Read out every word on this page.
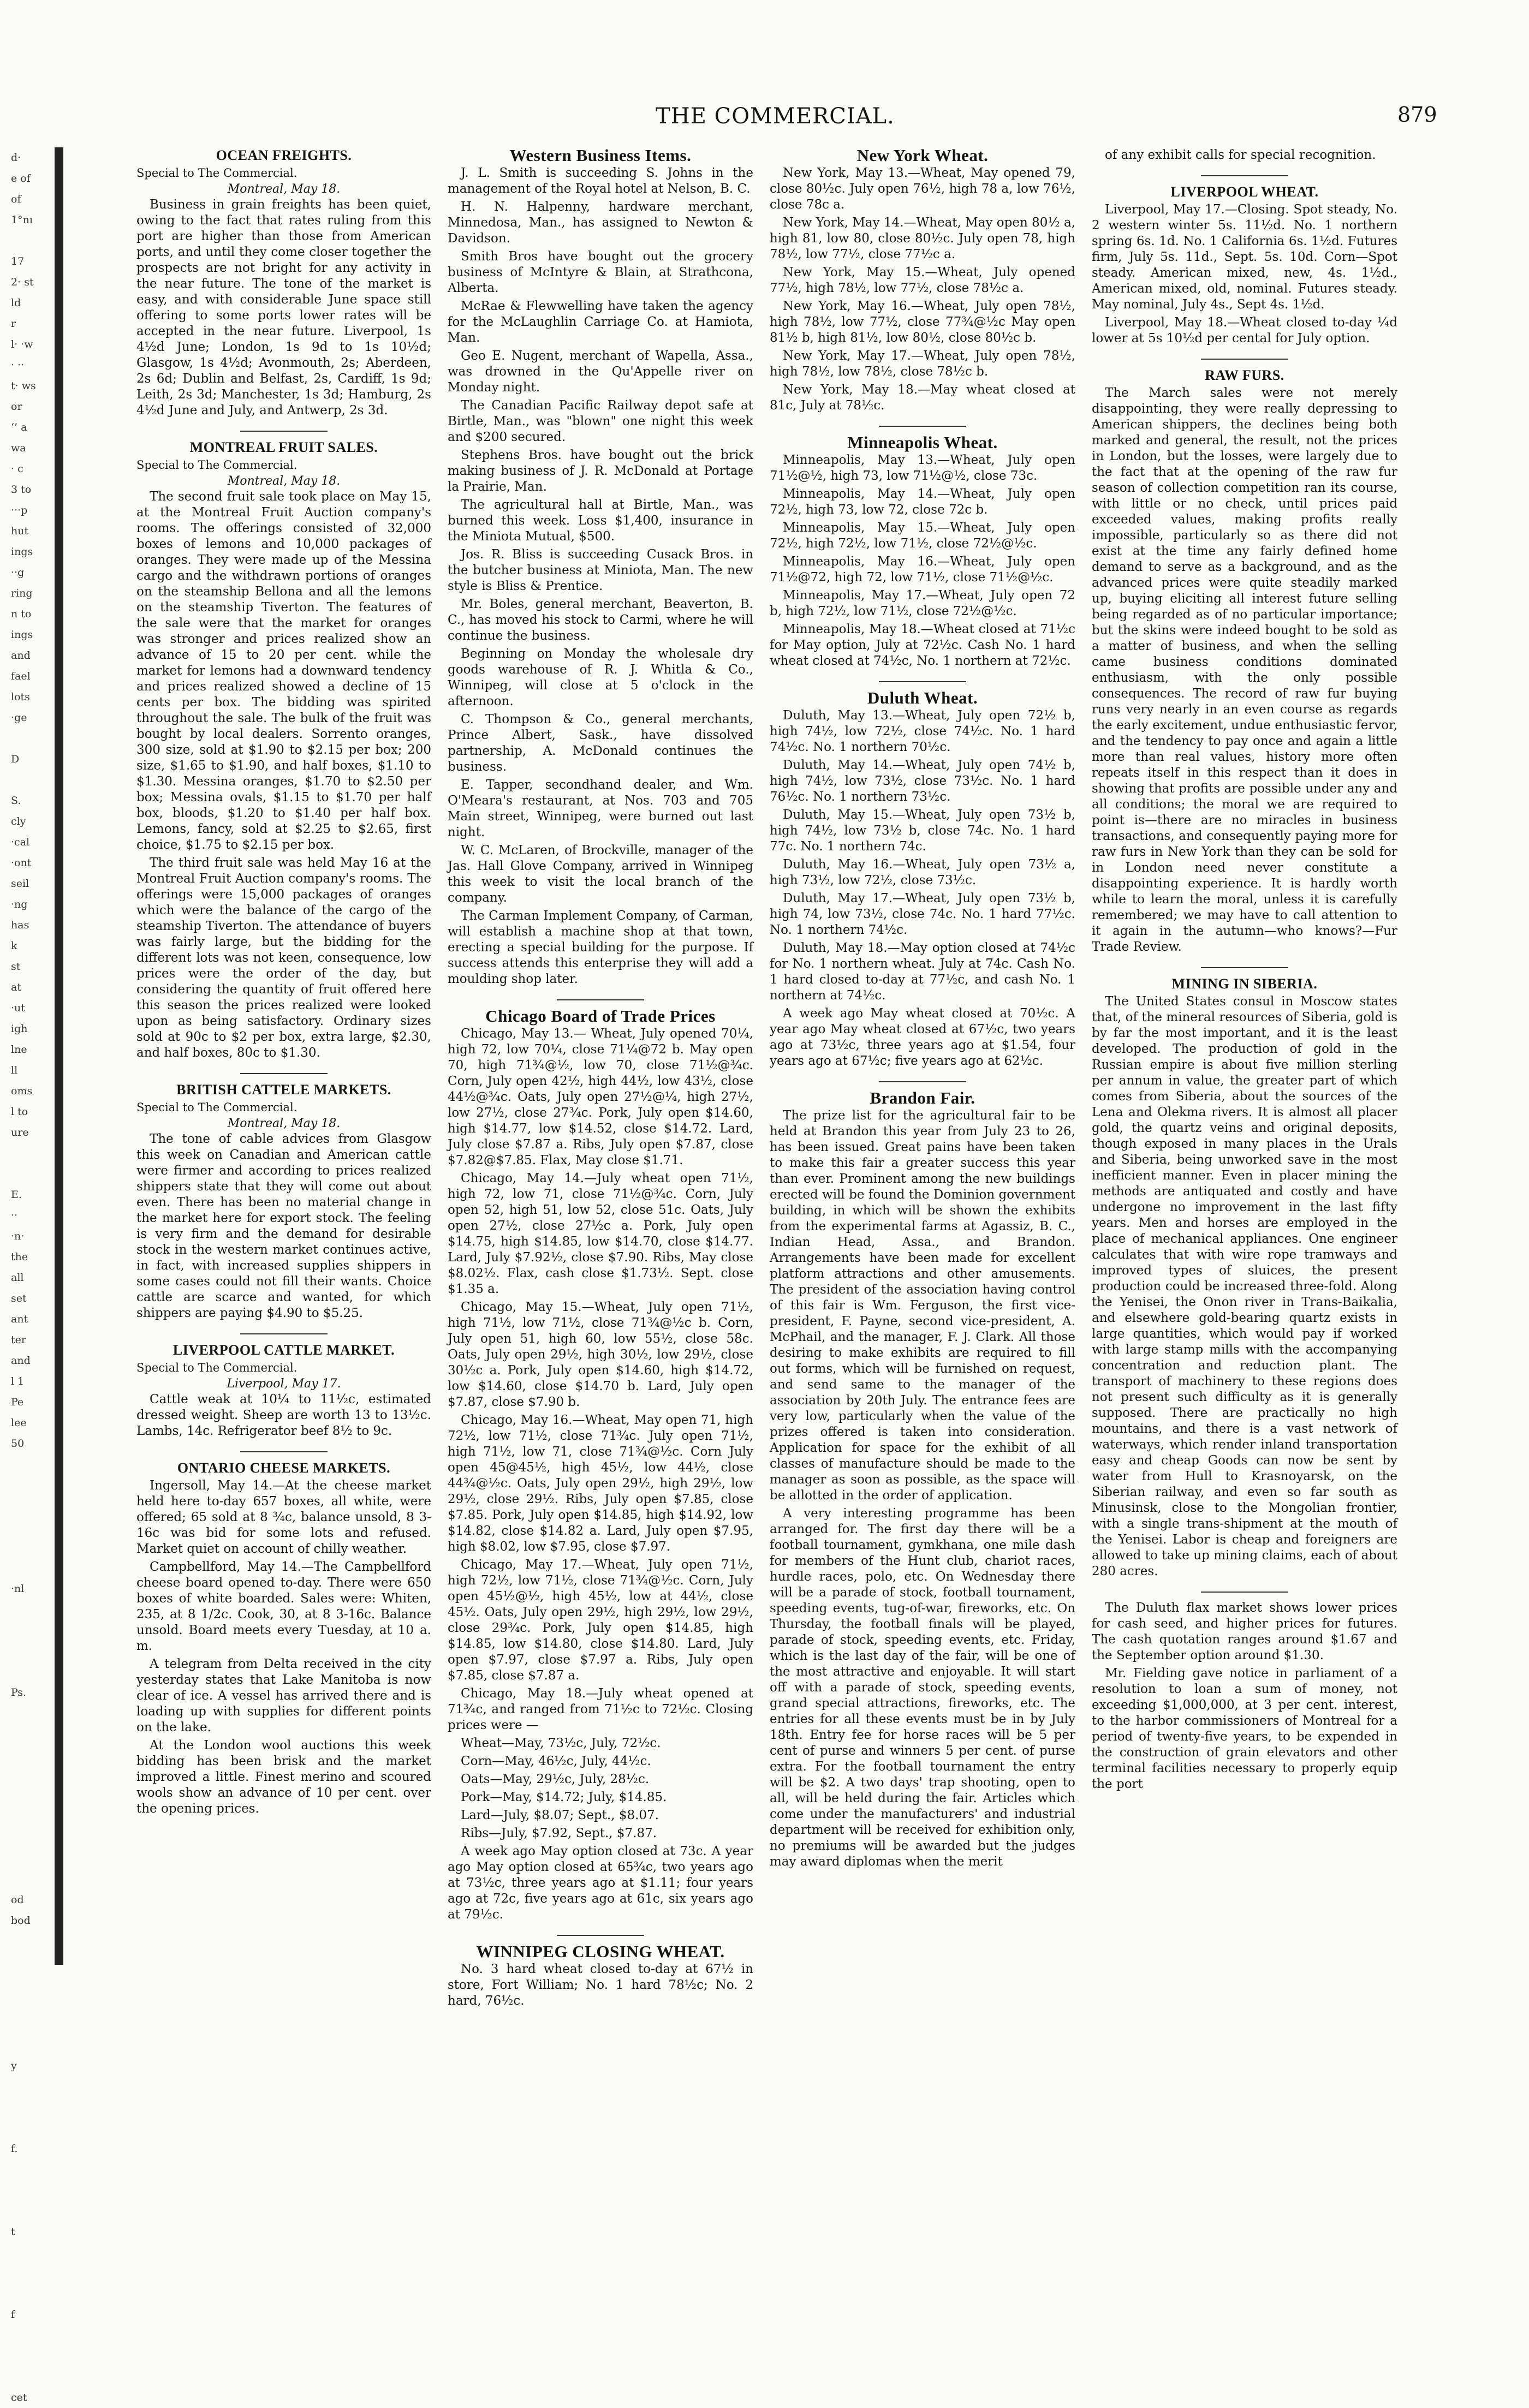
THE COMMERCIAL.	879
d·
e of
of
1°nı

17
2· st
ld
r
l· ·w
· ··
t· ws
or
‘’ a
wa
· c
3 to
···p
hut
ings
··g
ring
n to
ings
and
fael
lots
·ge

D

S.
cly
·cal
·ont
seil
·ng
has
k
st
at
·ut
igh
lne
ll
oms
l to
ure

E.
··
·n·
the
all
set
ant
ter
and
l 1
Pe
lee
50

·nl

Ps.

od
bod

y

f.

t

f

cet
OCEAN FREIGHTS.
Special to The Commercial.
Montreal, May 18.

Business in grain freights has been quiet, owing to the fact that rates ruling from this port are higher than those from American ports, and until they come closer together the prospects are not bright for any activity in the near future. The tone of the market is easy, and with considerable June space still offering to some ports lower rates will be accepted in the near future. Liverpool, 1s 4½d June; London, 1s 9d to 1s 10½d; Glasgow, 1s 4½d; Avonmouth, 2s; Aberdeen, 2s 6d; Dublin and Belfast, 2s, Cardiff, 1s 9d; Leith, 2s 3d; Manchester, 1s 3d; Hamburg, 2s 4½d June and July, and Antwerp, 2s 3d.

MONTREAL FRUIT SALES.
Special to The Commercial.
Montreal, May 18.

The second fruit sale took place on May 15, at the Montreal Fruit Auction company's rooms. The offerings consisted of 32,000 boxes of lemons and 10,000 packages of oranges. They were made up of the Messina cargo and the withdrawn portions of oranges on the steamship Bellona and all the lemons on the steamship Tiverton. The features of the sale were that the market for oranges was stronger and prices realized show an advance of 15 to 20 per cent. while the market for lemons had a downward tendency and prices realized showed a decline of 15 cents per box. The bidding was spirited throughout the sale. The bulk of the fruit was bought by local dealers. Sorrento oranges, 300 size, sold at $1.90 to $2.15 per box; 200 size, $1.65 to $1.90, and half boxes, $1.10 to $1.30. Messina oranges, $1.70 to $2.50 per box; Messina ovals, $1.15 to $1.70 per half box, bloods, $1.20 to $1.40 per half box. Lemons, fancy, sold at $2.25 to $2.65, first choice, $1.75 to $2.15 per box.

The third fruit sale was held May 16 at the Montreal Fruit Auction company's rooms. The offerings were 15,000 packages of oranges which were the balance of the cargo of the steamship Tiverton. The attendance of buyers was fairly large, but the bidding for the different lots was not keen, consequence, low prices were the order of the day, but considering the quantity of fruit offered here this season the prices realized were looked upon as being satisfactory. Ordinary sizes sold at 90c to $2 per box, extra large, $2.30, and half boxes, 80c to $1.30.

BRITISH CATTELE MARKETS.
Special to The Commercial.
Montreal, May 18.

The tone of cable advices from Glasgow this week on Canadian and American cattle were firmer and according to prices realized shippers state that they will come out about even. There has been no material change in the market here for export stock. The feeling is very firm and the demand for desirable stock in the western market continues active, in fact, with increased supplies shippers in some cases could not fill their wants. Choice cattle are scarce and wanted, for which shippers are paying $4.90 to $5.25.

LIVERPOOL CATTLE MARKET.
Special to The Commercial.
Liverpool, May 17.

Cattle weak at 10¼ to 11½c, estimated dressed weight. Sheep are worth 13 to 13½c. Lambs, 14c. Refrigerator beef 8½ to 9c.

ONTARIO CHEESE MARKETS.

Ingersoll, May 14.—At the cheese market held here to-day 657 boxes, all white, were offered; 65 sold at 8 ¾c, balance unsold, 8 3-16c was bid for some lots and refused. Market quiet on account of chilly weather.

Campbellford, May 14.—The Campbellford cheese board opened to-day. There were 650 boxes of white boarded. Sales were: Whiten, 235, at 8 1/2c. Cook, 30, at 8 3-16c. Balance unsold. Board meets every Tuesday, at 10 a. m.

A telegram from Delta received in the city yesterday states that Lake Manitoba is now clear of ice. A vessel has arrived there and is loading up with supplies for different points on the lake.

At the London wool auctions this week bidding has been brisk and the market improved a little. Finest merino and scoured wools show an advance of 10 per cent. over the opening prices.

Western Business Items.

J. L. Smith is succeeding S. Johns in the management of the Royal hotel at Nelson, B. C.

H. N. Halpenny, hardware merchant, Minnedosa, Man., has assigned to Newton & Davidson.

Smith Bros have bought out the grocery business of McIntyre & Blain, at Strathcona, Alberta.

McRae & Flewwelling have taken the agency for the McLaughlin Carriage Co. at Hamiota, Man.

Geo E. Nugent, merchant of Wapella, Assa., was drowned in the Qu'Appelle river on Monday night.

The Canadian Pacific Railway depot safe at Birtle, Man., was "blown" one night this week and $200 secured.

Stephens Bros. have bought out the brick making business of J. R. McDonald at Portage la Prairie, Man.

The agricultural hall at Birtle, Man., was burned this week. Loss $1,400, insurance in the Miniota Mutual, $500.

Jos. R. Bliss is succeeding Cusack Bros. in the butcher business at Miniota, Man. The new style is Bliss & Prentice.

Mr. Boles, general merchant, Beaverton, B. C., has moved his stock to Carmi, where he will continue the business.

Beginning on Monday the wholesale dry goods warehouse of R. J. Whitla & Co., Winnipeg, will close at 5 o'clock in the afternoon.

C. Thompson & Co., general merchants, Prince Albert, Sask., have dissolved partnership, A. McDonald continues the business.

E. Tapper, secondhand dealer, and Wm. O'Meara's restaurant, at Nos. 703 and 705 Main street, Winnipeg, were burned out last night.

W. C. McLaren, of Brockville, manager of the Jas. Hall Glove Company, arrived in Winnipeg this week to visit the local branch of the company.

The Carman Implement Company, of Carman, will establish a machine shop at that town, erecting a special building for the purpose. If success attends this enterprise they will add a moulding shop later.

Chicago Board of Trade Prices

Chicago, May 13.— Wheat, July opened 70¼, high 72, low 70¼, close 71¼@72 b. May open 70, high 71¾@½, low 70, close 71½@¾c. Corn, July open 42½, high 44½, low 43½, close 44½@¾c. Oats, July open 27½@¼, high 27½, low 27½, close 27¾c. Pork, July open $14.60, high $14.77, low $14.52, close $14.72. Lard, July close $7.87 a. Ribs, July open $7.87, close $7.82@$7.85. Flax, May close $1.71.

Chicago, May 14.—July wheat open 71½, high 72, low 71, close 71½@¾c. Corn, July open 52, high 51, low 52, close 51c. Oats, July open 27½, close 27½c a. Pork, July open $14.75, high $14.85, low $14.70, close $14.77. Lard, July $7.92½, close $7.90. Ribs, May close $8.02½. Flax, cash close $1.73½. Sept. close $1.35 a.

Chicago, May 15.—Wheat, July open 71½, high 71½, low 71½, close 71¾@½c b. Corn, July open 51, high 60, low 55½, close 58c. Oats, July open 29½, high 30½, low 29½, close 30½c a. Pork, July open $14.60, high $14.72, low $14.60, close $14.70 b. Lard, July open $7.87, close $7.90 b.

Chicago, May 16.—Wheat, May open 71, high 72½, low 71½, close 71¾c. July open 71½, high 71½, low 71, close 71¾@½c. Corn July open 45@45½, high 45½, low 44½, close 44¾@½c. Oats, July open 29½, high 29½, low 29½, close 29½. Ribs, July open $7.85, close $7.85. Pork, July open $14.85, high $14.92, low $14.82, close $14.82 a. Lard, July open $7.95, high $8.02, low $7.95, close $7.97.

Chicago, May 17.—Wheat, July open 71½, high 72½, low 71½, close 71¾@½c. Corn, July open 45½@½, high 45½, low at 44½, close 45½. Oats, July open 29½, high 29½, low 29½, close 29¾c. Pork, July open $14.85, high $14.85, low $14.80, close $14.80. Lard, July open $7.97, close $7.97 a. Ribs, July open $7.85, close $7.87 a.

Chicago, May 18.—July wheat opened at 71¾c, and ranged from 71½c to 72½c. Closing prices were —

Wheat—May, 73½c, July, 72½c.

Corn—May, 46½c, July, 44½c.

Oats—May, 29½c, July, 28½c.

Pork—May, $14.72; July, $14.85.

Lard—July, $8.07; Sept., $8.07.

Ribs—July, $7.92, Sept., $7.87.

A week ago May option closed at 73c. A year ago May option closed at 65¾c, two years ago at 73½c, three years ago at $1.11; four years ago at 72c, five years ago at 61c, six years ago at 79½c.

WINNIPEG CLOSING WHEAT.

No. 3 hard wheat closed to-day at 67½ in store, Fort William; No. 1 hard 78½c; No. 2 hard, 76½c.

New York Wheat.

New York, May 13.—Wheat, May opened 79, close 80½c. July open 76½, high 78 a, low 76½, close 78c a.

New York, May 14.—Wheat, May open 80½ a, high 81, low 80, close 80½c. July open 78, high 78½, low 77½, close 77½c a.

New York, May 15.—Wheat, July opened 77½, high 78½, low 77½, close 78½c a.

New York, May 16.—Wheat, July open 78½, high 78½, low 77½, close 77¾@½c May open 81½ b, high 81½, low 80½, close 80½c b.

New York, May 17.—Wheat, July open 78½, high 78½, low 78½, close 78½c b.

New York, May 18.—May wheat closed at 81c, July at 78½c.

Minneapolis Wheat.

Minneapolis, May 13.—Wheat, July open 71½@½, high 73, low 71½@½, close 73c.

Minneapolis, May 14.—Wheat, July open 72½, high 73, low 72, close 72c b.

Minneapolis, May 15.—Wheat, July open 72½, high 72½, low 71½, close 72½@½c.

Minneapolis, May 16.—Wheat, July open 71½@72, high 72, low 71½, close 71½@½c.

Minneapolis, May 17.—Wheat, July open 72 b, high 72½, low 71½, close 72½@½c.

Minneapolis, May 18.—Wheat closed at 71½c for May option, July at 72½c. Cash No. 1 hard wheat closed at 74½c, No. 1 northern at 72½c.

Duluth Wheat.

Duluth, May 13.—Wheat, July open 72½ b, high 74½, low 72½, close 74½c. No. 1 hard 74½c. No. 1 northern 70½c.

Duluth, May 14.—Wheat, July open 74½ b, high 74½, low 73½, close 73½c. No. 1 hard 76½c. No. 1 northern 73½c.

Duluth, May 15.—Wheat, July open 73½ b, high 74½, low 73½ b, close 74c. No. 1 hard 77c. No. 1 northern 74c.

Duluth, May 16.—Wheat, July open 73½ a, high 73½, low 72½, close 73½c.

Duluth, May 17.—Wheat, July open 73½ b, high 74, low 73½, close 74c. No. 1 hard 77½c. No. 1 northern 74½c.

Duluth, May 18.—May option closed at 74½c for No. 1 northern wheat. July at 74c. Cash No. 1 hard closed to-day at 77½c, and cash No. 1 northern at 74½c.

A week ago May wheat closed at 70½c. A year ago May wheat closed at 67½c, two years ago at 73½c, three years ago at $1.54, four years ago at 67½c; five years ago at 62½c.

Brandon Fair.

The prize list for the agricultural fair to be held at Brandon this year from July 23 to 26, has been issued. Great pains have been taken to make this fair a greater success this year than ever. Prominent among the new buildings erected will be found the Dominion government building, in which will be shown the exhibits from the experimental farms at Agassiz, B. C., Indian Head, Assa., and Brandon. Arrangements have been made for excellent platform attractions and other amusements. The president of the association having control of this fair is Wm. Ferguson, the first vice-president, F. Payne, second vice-president, A. McPhail, and the manager, F. J. Clark. All those desiring to make exhibits are required to fill out forms, which will be furnished on request, and send same to the manager of the association by 20th July. The entrance fees are very low, particularly when the value of the prizes offered is taken into consideration. Application for space for the exhibit of all classes of manufacture should be made to the manager as soon as possible, as the space will be allotted in the order of application.

A very interesting programme has been arranged for. The first day there will be a football tournament, gymkhana, one mile dash for members of the Hunt club, chariot races, hurdle races, polo, etc. On Wednesday there will be a parade of stock, football tournament, speeding events, tug-of-war, fireworks, etc. On Thursday, the football finals will be played, parade of stock, speeding events, etc. Friday, which is the last day of the fair, will be one of the most attractive and enjoyable. It will start off with a parade of stock, speeding events, grand special attractions, fireworks, etc. The entries for all these events must be in by July 18th. Entry fee for horse races will be 5 per cent of purse and winners 5 per cent. of purse extra. For the football tournament the entry will be $2. A two days' trap shooting, open to all, will be held during the fair. Articles which come under the manufacturers' and industrial department will be received for exhibition only, no premiums will be awarded but the judges may award diplomas when the merit

of any exhibit calls for special recognition.

LIVERPOOL WHEAT.

Liverpool, May 17.—Closing. Spot steady, No. 2 western winter 5s. 11½d. No. 1 northern spring 6s. 1d. No. 1 California 6s. 1½d. Futures firm, July 5s. 11d., Sept. 5s. 10d. Corn—Spot steady. American mixed, new, 4s. 1½d., American mixed, old, nominal. Futures steady. May nominal, July 4s., Sept 4s. 1½d.

Liverpool, May 18.—Wheat closed to-day ¼d lower at 5s 10½d per cental for July option.

RAW FURS.

The March sales were not merely disappointing, they were really depressing to American shippers, the declines being both marked and general, the result, not the prices in London, but the losses, were largely due to the fact that at the opening of the raw fur season of collection competition ran its course, with little or no check, until prices paid exceeded values, making profits really impossible, particularly so as there did not exist at the time any fairly defined home demand to serve as a background, and as the advanced prices were quite steadily marked up, buying eliciting all interest future selling being regarded as of no particular importance; but the skins were indeed bought to be sold as a matter of business, and when the selling came business conditions dominated enthusiasm, with the only possible consequences. The record of raw fur buying runs very nearly in an even course as regards the early excitement, undue enthusiastic fervor, and the tendency to pay once and again a little more than real values, history more often repeats itself in this respect than it does in showing that profits are possible under any and all conditions; the moral we are required to point is—there are no miracles in business transactions, and consequently paying more for raw furs in New York than they can be sold for in London need never constitute a disappointing experience. It is hardly worth while to learn the moral, unless it is carefully remembered; we may have to call attention to it again in the autumn—who knows?—Fur Trade Review.

MINING IN SIBERIA.

The United States consul in Moscow states that, of the mineral resources of Siberia, gold is by far the most important, and it is the least developed. The production of gold in the Russian empire is about five million sterling per annum in value, the greater part of which comes from Siberia, about the sources of the Lena and Olekma rivers. It is almost all placer gold, the quartz veins and original deposits, though exposed in many places in the Urals and Siberia, being unworked save in the most inefficient manner. Even in placer mining the methods are antiquated and costly and have undergone no improvement in the last fifty years. Men and horses are employed in the place of mechanical appliances. One engineer calculates that with wire rope tramways and improved types of sluices, the present production could be increased three-fold. Along the Yenisei, the Onon river in Trans-Baikalia, and elsewhere gold-bearing quartz exists in large quantities, which would pay if worked with large stamp mills with the accompanying concentration and reduction plant. The transport of machinery to these regions does not present such difficulty as it is generally supposed. There are practically no high mountains, and there is a vast network of waterways, which render inland transportation easy and cheap Goods can now be sent by water from Hull to Krasnoyarsk, on the Siberian railway, and even so far south as Minusinsk, close to the Mongolian frontier, with a single trans-shipment at the mouth of the Yenisei. Labor is cheap and foreigners are allowed to take up mining claims, each of about 280 acres.

The Duluth flax market shows lower prices for cash seed, and higher prices for futures. The cash quotation ranges around $1.67 and the September option around $1.30.

Mr. Fielding gave notice in parliament of a resolution to loan a sum of money, not exceeding $1,000,000, at 3 per cent. interest, to the harbor commissioners of Montreal for a period of twenty-five years, to be expended in the construction of grain elevators and other terminal facilities necessary to properly equip the port
